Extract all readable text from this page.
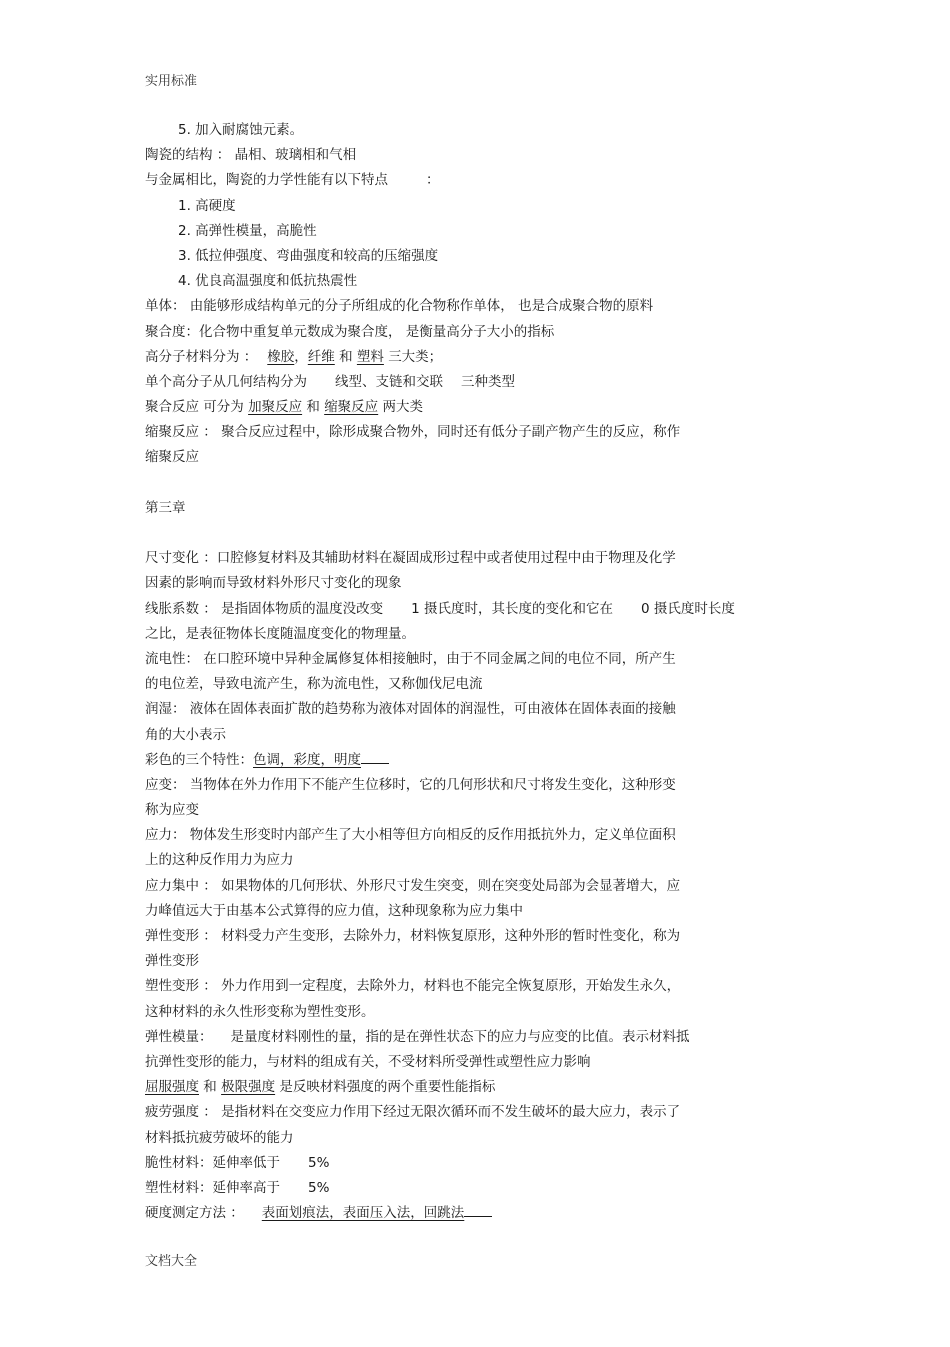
实用标准
5. 加入耐腐蚀元素。
陶瓷的结构 ： 晶相、玻璃相和气相
与金属相比，陶瓷的力学性能有以下特点	：
1. 高硬度
2. 高弹性模量，高脆性
3. 低拉伸强度、弯曲强度和较高的压缩强度
4. 优良高温强度和低抗热震性
单体： 由能够形成结构单元的分子所组成的化合物称作单体， 也是合成聚合物的原料
聚合度：化合物中重复单元数成为聚合度， 是衡量高分子大小的指标
高分子材料分为 ： 橡胶，纤维 和 塑料 三大类；
单个高分子从几何结构分为 线型、支链和交联 三种类型
聚合反应 可分为 加聚反应 和 缩聚反应 两大类
缩聚反应 ： 聚合反应过程中，除形成聚合物外，同时还有低分子副产物产生的反应，称作
缩聚反应
第三章
尺寸变化 ：口腔修复材料及其辅助材料在凝固成形过程中或者使用过程中由于物理及化学
因素的影响而导致材料外形尺寸变化的现象
线胀系数 ： 是指固体物质的温度没改变 1 摄氏度时，其长度的变化和它在 0 摄氏度时长度
之比，是表征物体长度随温度变化的物理量。
流电性： 在口腔环境中异种金属修复体相接触时，由于不同金属之间的电位不同，所产生
的电位差，导致电流产生，称为流电性，又称伽伐尼电流
润湿： 液体在固体表面扩散的趋势称为液体对固体的润湿性，可由液体在固体表面的接触
角的大小表示
彩色的三个特性：色调，彩度，明度
应变： 当物体在外力作用下不能产生位移时，它的几何形状和尺寸将发生变化，这种形变
称为应变
应力： 物体发生形变时内部产生了大小相等但方向相反的反作用抵抗外力，定义单位面积
上的这种反作用力为应力
应力集中 ： 如果物体的几何形状、外形尺寸发生突变，则在突变处局部为会显著增大，应
力峰值远大于由基本公式算得的应力值，这种现象称为应力集中
弹性变形 ： 材料受力产生变形，去除外力，材料恢复原形，这种外形的暂时性变化，称为
弹性变形
塑性变形 ： 外力作用到一定程度，去除外力，材料也不能完全恢复原形，开始发生永久，
这种材料的永久性形变称为塑性变形。
弹性模量： 是量度材料刚性的量，指的是在弹性状态下的应力与应变的比值。表示材料抵
抗弹性变形的能力，与材料的组成有关，不受材料所受弹性或塑性应力影响
屈服强度 和 极限强度 是反映材料强度的两个重要性能指标
疲劳强度 ： 是指材料在交变应力作用下经过无限次循环而不发生破坏的最大应力，表示了
材料抵抗疲劳破坏的能力
脆性材料：延伸率低于 5%
塑性材料：延伸率高于 5%
硬度测定方法 ： 表面划痕法，表面压入法，回跳法
文档大全
